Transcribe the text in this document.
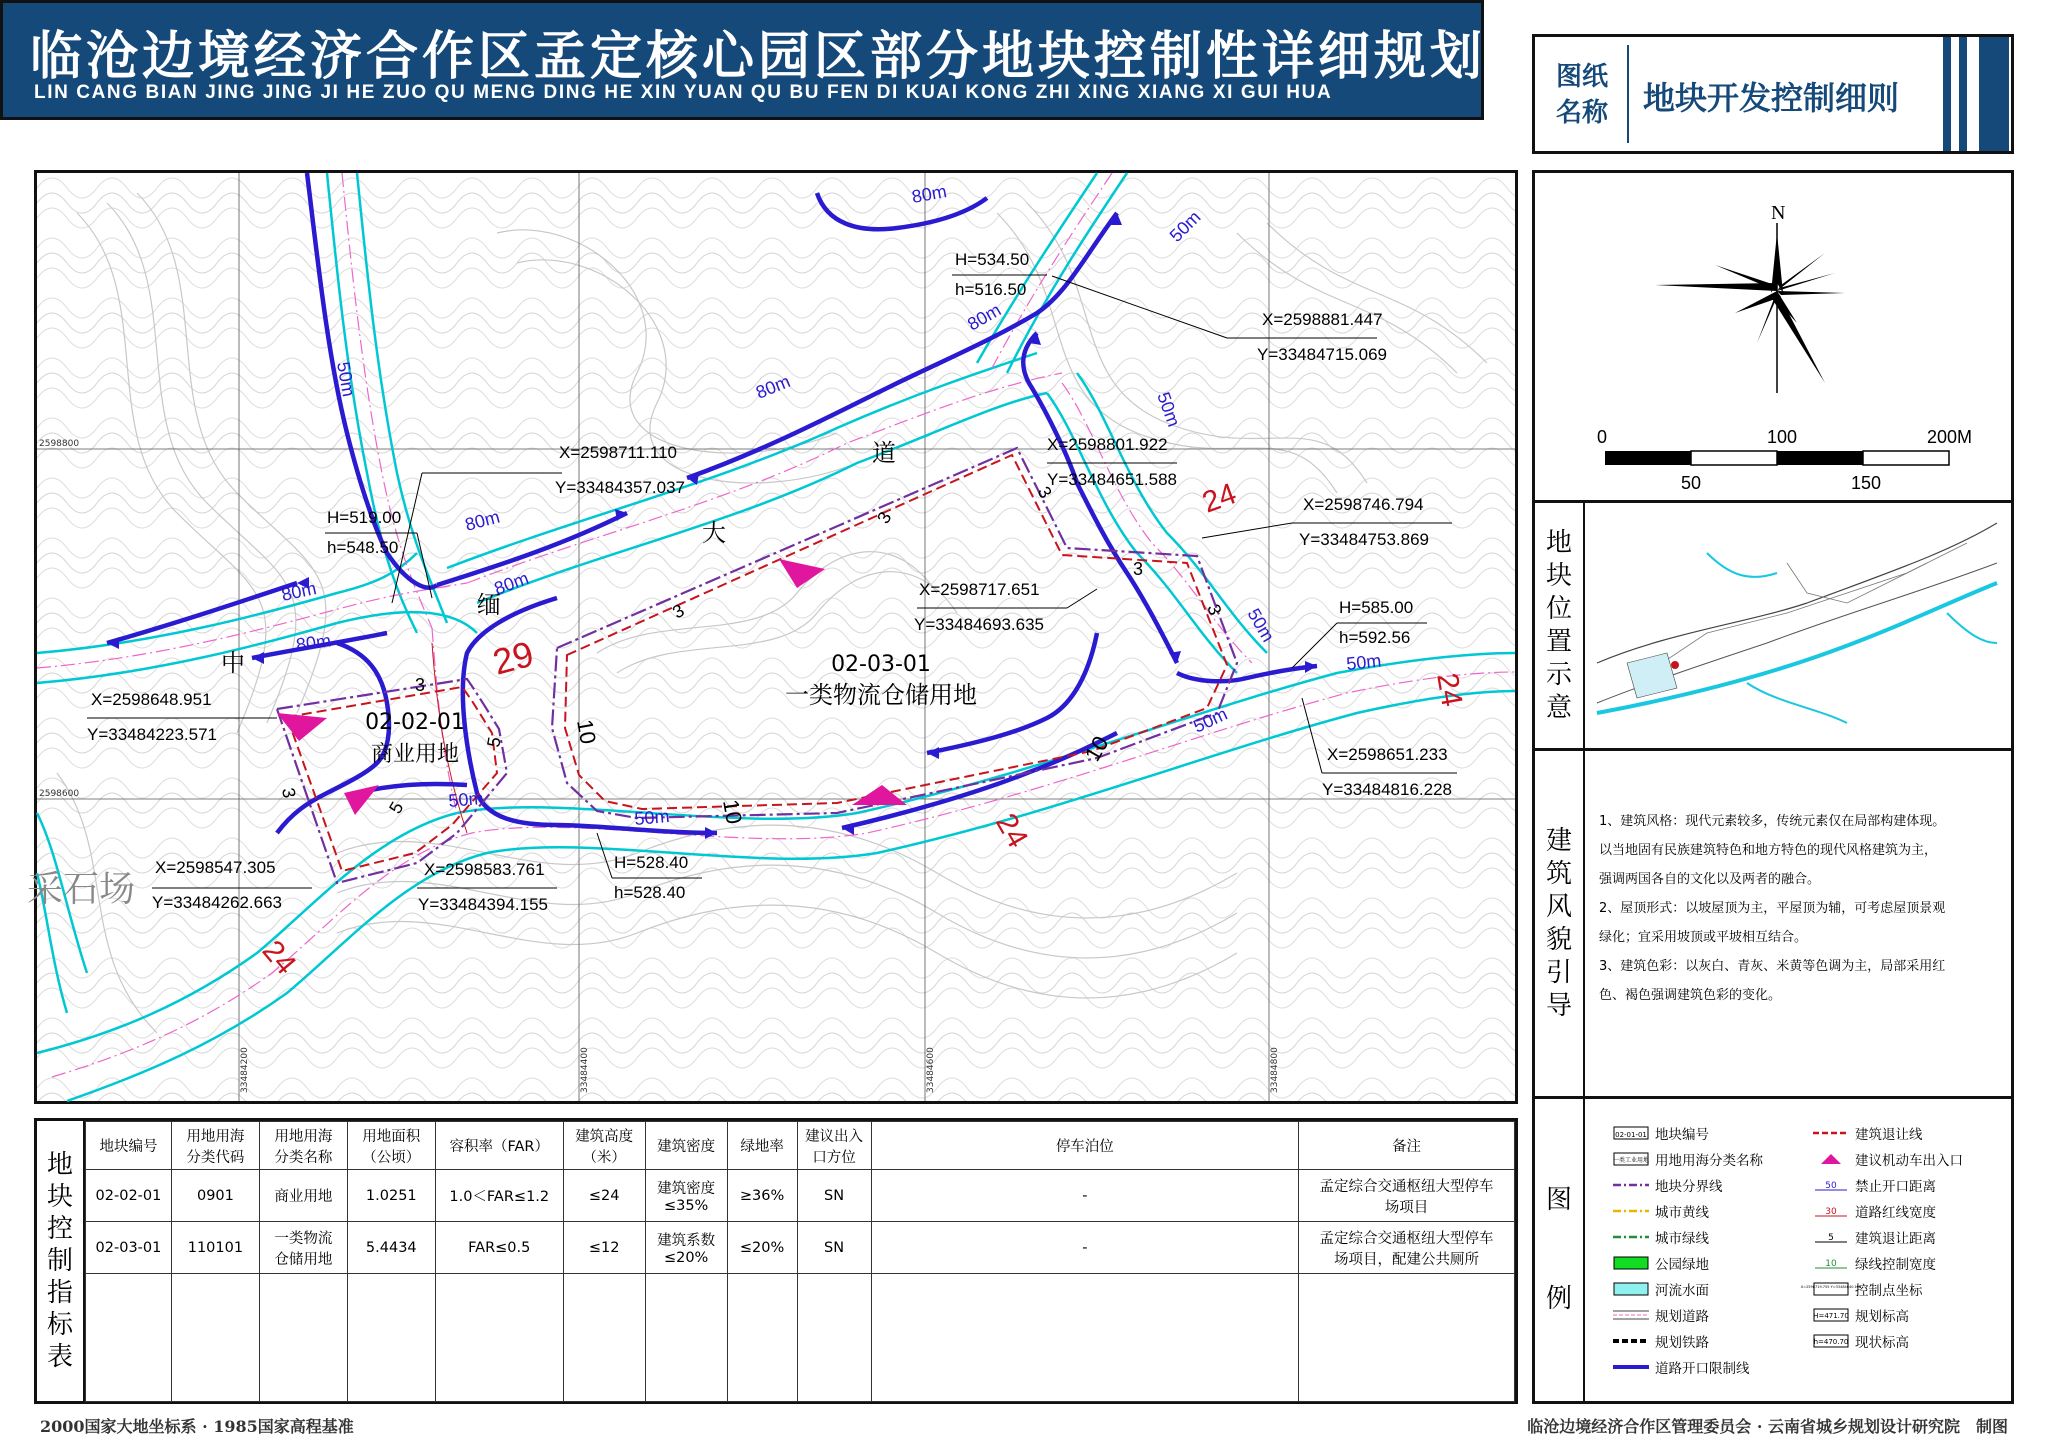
临沧边境经济合作区孟定核心园区部分地块控制性详细规划
LIN CANG BIAN JING JING JI HE ZUO QU MENG DING HE XIN YUAN QU BU FEN DI KUAI KONG ZHI XING XIANG XI GUI HUA
图纸
名称 地块开发控制细则
2598800
2598600
33484200	33484400	33484600	33484800
中
缅
大
道
采石场
02-02-01
商业用地
02-03-01
一类物流仓储用地
X=2598711.110
Y=33484357.037
X=2598801.922
Y=33484651.588
X=2598881.447
Y=33484715.069
X=2598746.794
Y=33484753.869
X=2598717.651
Y=33484693.635
X=2598648.951
Y=33484223.571
X=2598547.305
Y=33484262.663
X=2598583.761
Y=33484394.155
X=2598651.233
Y=33484816.228
H=534.50
h=516.50
H=519.00
h=548.50
H=585.00
h=592.56
H=528.40
h=528.40
80m
80m
80m
80m
80m
80m
80m
50m
50m
50m
50m
50m
50m
50m
50m
24
24
24
24
29
3
3
3
3
3
3
5
5
3
10
10
10
N
0	100	200M
50	150
地
块
位
置
示
意
建
筑
风
貌
引
导

1、建筑风格：现代元素较多，传统元素仅在局部构建体现。

以当地固有民族建筑特色和地方特色的现代风格建筑为主，

强调两国各自的文化以及两者的融合。

2、屋顶形式：以坡屋顶为主，平屋顶为辅，可考虑屋顶景观

绿化；宜采用坡顶或平坡相互结合。

3、建筑色彩：以灰白、青灰、米黄等色调为主，局部采用红

色、褐色强调建筑色彩的变化。

图

例
02-01-01 地块编号
一类工业用地 用地用海分类名称
地块分界线
城市黄线
城市绿线
公园绿地
河流水面
规划道路
规划铁路
道路开口限制线
建筑退让线
建议机动车出入口
50 禁止开口距离
30 道路红线宽度
5 建筑退让距离
10 绿线控制宽度
X=2598719.755 Y=33484640.102
控制点坐标
H=471.70 规划标高
h=470.70 现状标高
地
块
控
制
指
标
表
地块编号	用地用海
分类代码	用地用海
分类名称	用地面积
（公顷）	容积率（FAR）	建筑高度
（米）	建筑密度	绿地率	建议出入
口方位	停车泊位	备注
02-02-01	0901	商业用地	1.0251	1.0＜FAR≤1.2	≤24	建筑密度
≤35%	≥36%	SN	-	孟定综合交通枢纽大型停车
场项目
02-03-01	110101	一类物流
仓储用地	5.4434	FAR≤0.5	≤12	建筑系数
≤20%	≤20%	SN	-	孟定综合交通枢纽大型停车
场项目，配建公共厕所

2000国家大地坐标系 · 1985国家高程基准	临沧边境经济合作区管理委员会 · 云南省城乡规划设计研究院　制图
